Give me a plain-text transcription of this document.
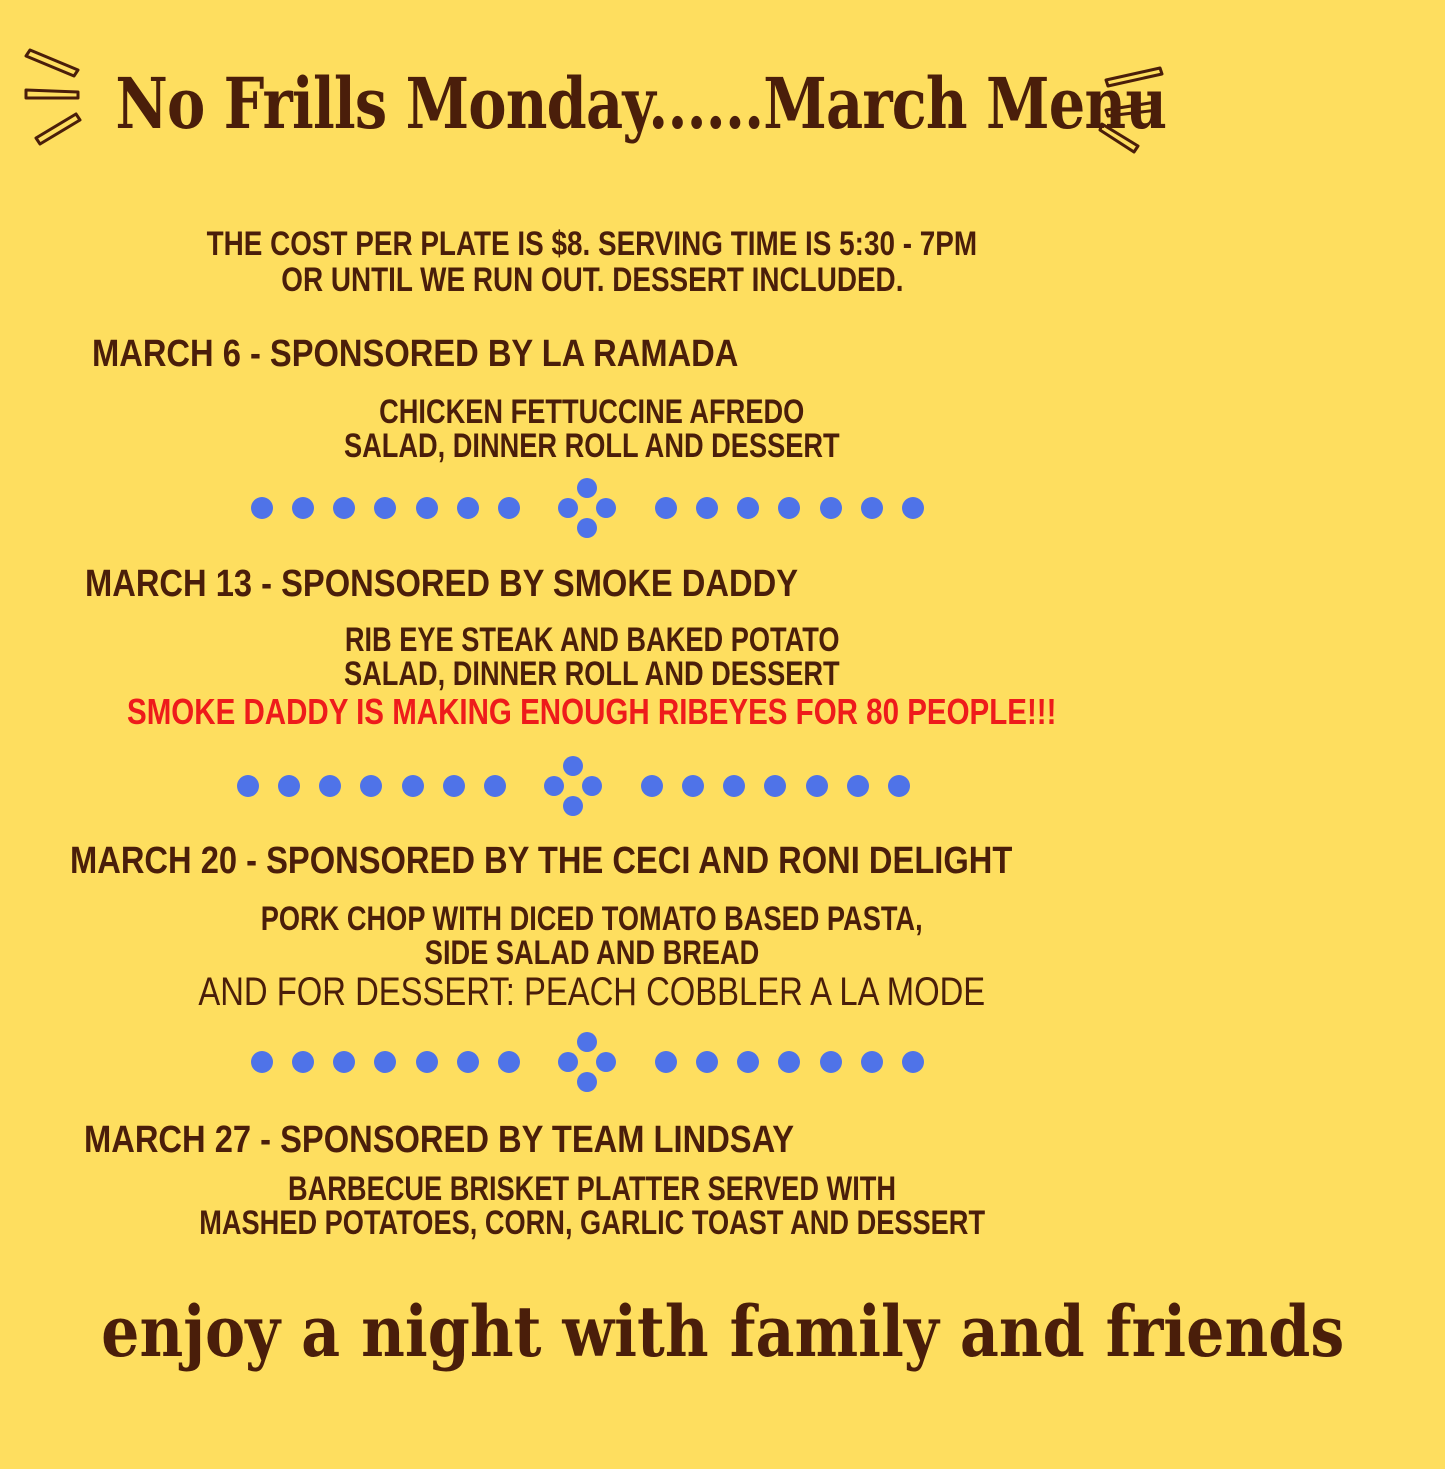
No Frills Monday......March Menu
THE COST PER PLATE IS $8. SERVING TIME IS 5:30 - 7PM
OR UNTIL WE RUN OUT. DESSERT INCLUDED.
MARCH 6 - SPONSORED BY LA RAMADA
CHICKEN FETTUCCINE AFREDO
SALAD, DINNER ROLL AND DESSERT
MARCH 13 - SPONSORED BY SMOKE DADDY
RIB EYE STEAK AND BAKED POTATO
SALAD, DINNER ROLL AND DESSERT
SMOKE DADDY IS MAKING ENOUGH RIBEYES FOR 80 PEOPLE!!!
MARCH 20 - SPONSORED BY THE CECI AND RONI DELIGHT
PORK CHOP WITH DICED TOMATO BASED PASTA,
SIDE SALAD AND BREAD
AND FOR DESSERT: PEACH COBBLER A LA MODE
MARCH 27 - SPONSORED BY TEAM LINDSAY
BARBECUE BRISKET PLATTER SERVED WITH
MASHED POTATOES, CORN, GARLIC TOAST AND DESSERT
enjoy a night with family and friends
